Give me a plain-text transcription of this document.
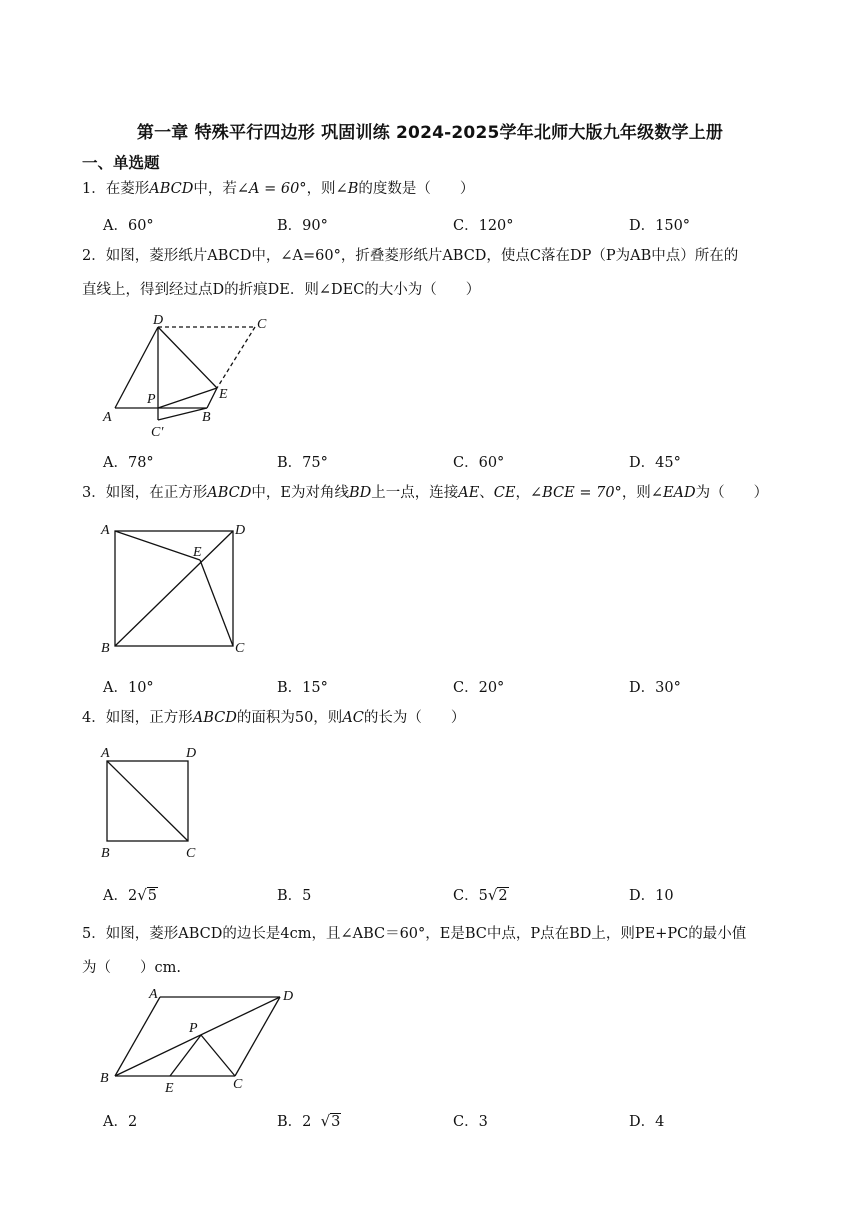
第一章 特殊平行四边形 巩固训练 2024-2025学年北师大版九年级数学上册
一、单选题
1．在菱形ABCD中，若∠A = 60°，则∠B的度数是（　　）
A．60°	B．90°	C．120°	D．150°
2．如图，菱形纸片ABCD中，∠A=60°，折叠菱形纸片ABCD，使点C落在DP（P为AB中点）所在的
直线上，得到经过点D的折痕DE．则∠DEC的大小为（　　）
D	C
E
P
A	B
C′
A．78°	B．75°	C．60°	D．45°
3．如图，在正方形ABCD中，E为对角线BD上一点，连接AE、CE，∠BCE = 70°，则∠EAD为（　　）
A	D
E
B	C
A．10°	B．15°	C．20°	D．30°
4．如图，正方形ABCD的面积为50，则AC的长为（　　）
A	D
B	C
A．2√5	B．5	C．5√2	D．10
5．如图，菱形ABCD的边长是4cm，且∠ABC＝60°，E是BC中点，P点在BD上，则PE+PC的最小值
为（　　）cm.
A	D
P
B
E	C
A．2	B．2 √3	C．3	D．4
